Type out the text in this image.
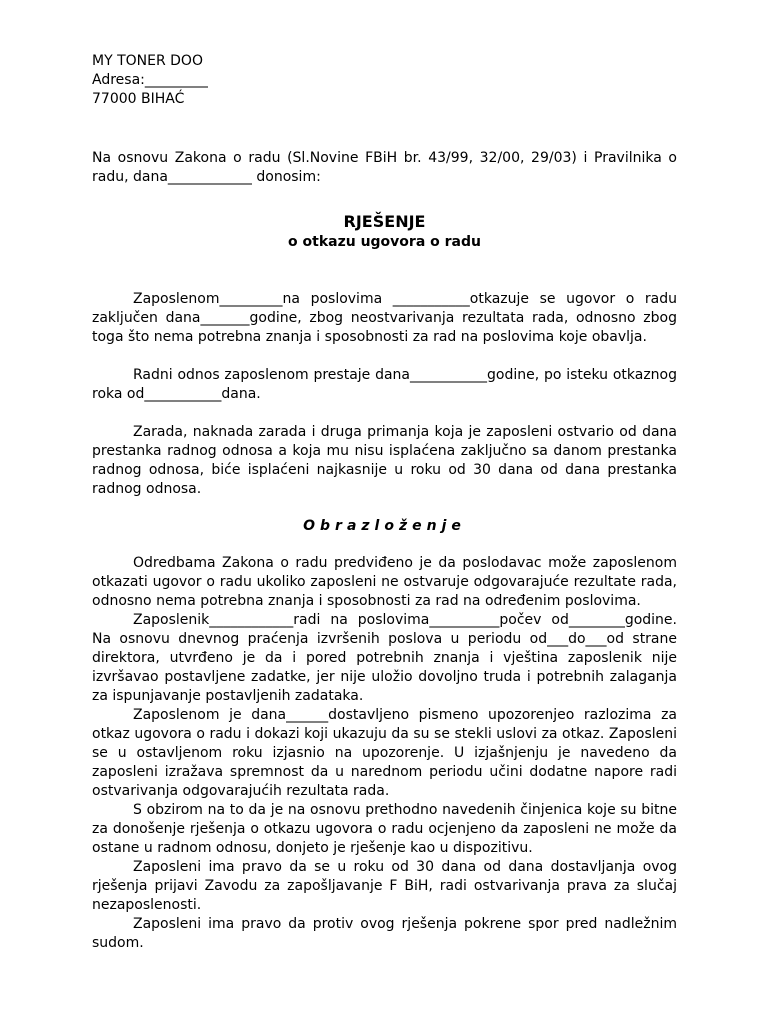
MY TONER DOO

Adresa:_________

77000 BIHAĆ

Na osnovu Zakona o radu (Sl.Novine FBiH br. 43/99, 32/00, 29/03) i Pravilnika o radu, dana____________ donosim:

RJEŠENJE

o otkazu ugovora o radu

Zaposlenom_________na poslovima ___________otkazuje se ugovor o radu zaključen dana_______godine, zbog neostvarivanja rezultata rada, odnosno zbog toga što nema potrebna znanja i sposobnosti za rad na poslovima koje obavlja.

Radni odnos zaposlenom prestaje dana___________godine, po isteku otkaznog roka od___________dana.

Zarada, naknada zarada i druga primanja koja je zaposleni ostvario od dana prestanka radnog odnosa a koja mu nisu isplaćena zaključno sa danom prestanka radnog odnosa, biće isplaćeni najkasnije u roku od 30 dana od dana prestanka radnog odnosa.

Obrazloženje

Odredbama Zakona o radu predviđeno je da poslodavac može zaposlenom otkazati ugovor o radu ukoliko zaposleni ne ostvaruje odgovarajuće rezultate rada, odnosno nema potrebna znanja i sposobnosti za rad na određenim poslovima.

Zaposlenik____________radi na poslovima__________počev od________godine. Na osnovu dnevnog praćenja izvršenih poslova u periodu od___do___od strane direktora, utvrđeno je da i pored potrebnih znanja i vještina zaposlenik nije izvršavao postavljene zadatke, jer nije uložio dovoljno truda i potrebnih zalaganja za ispunjavanje postavljenih zadataka.

Zaposlenom je dana______dostavljeno pismeno upozorenjeo razlozima za otkaz ugovora o radu i dokazi koji ukazuju da su se stekli uslovi za otkaz. Zaposleni se u ostavljenom roku izjasnio na upozorenje. U izjašnjenju je navedeno da zaposleni izražava spremnost da u narednom periodu učini dodatne napore radi ostvarivanja odgovarajućih rezultata rada.

S obzirom na to da je na osnovu prethodno navedenih činjenica koje su bitne za donošenje rješenja o otkazu ugovora o radu ocjenjeno da zaposleni ne može da ostane u radnom odnosu, donjeto je rješenje kao u dispozitivu.

Zaposleni ima pravo da se u roku od 30 dana od dana dostavljanja ovog rješenja prijavi Zavodu za zapošljavanje F BiH, radi ostvarivanja prava za slučaj nezaposlenosti.

Zaposleni ima pravo da protiv ovog rješenja pokrene spor pred nadležnim sudom.
